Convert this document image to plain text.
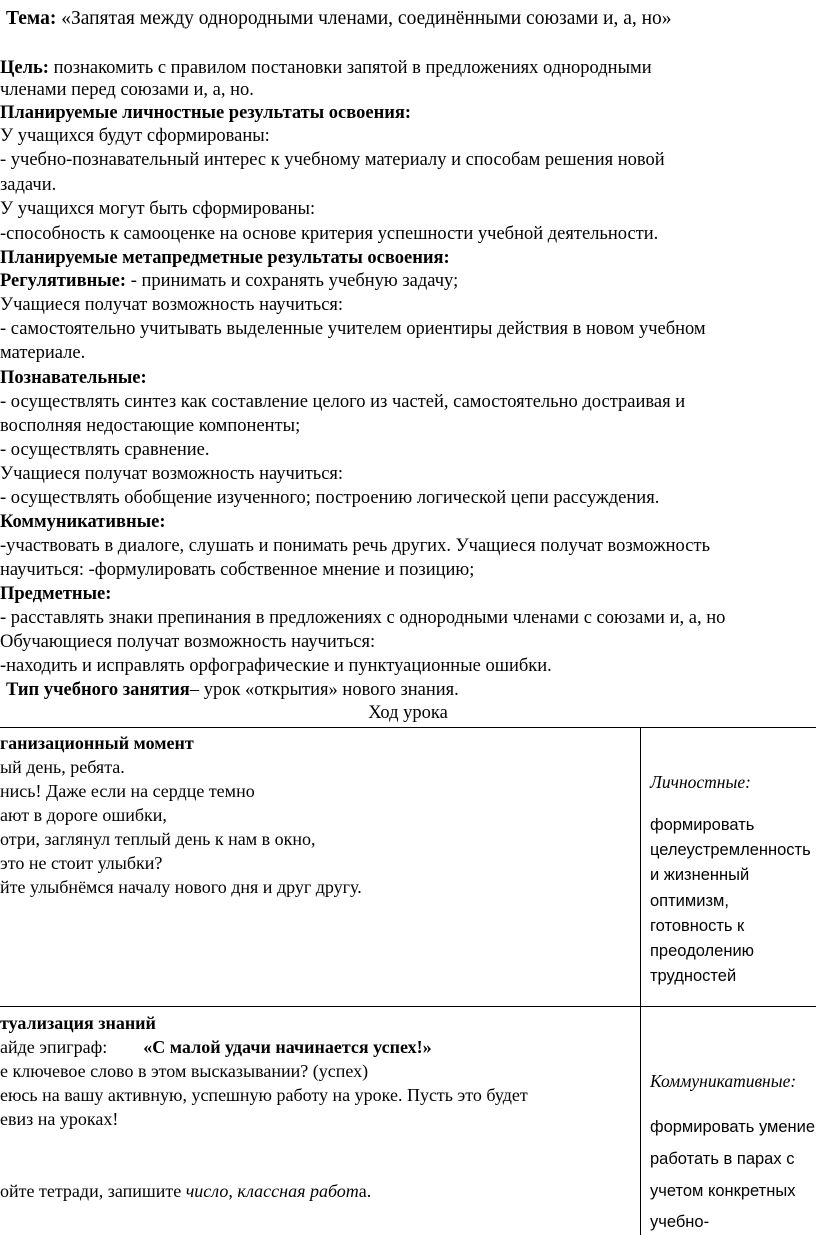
Тема: «Запятая между однородными членами, соединёнными союзами и, а, но»
Цель: познакомить с правилом постановки запятой в предложениях однородными
членами перед союзами и, а, но.
Планируемые личностные результаты освоения:
У учащихся будут сформированы:
- учебно-познавательный интерес к учебному материалу и способам решения новой
задачи.
У учащихся могут быть сформированы:
-способность к самооценке на основе критерия успешности учебной деятельности.
Планируемые метапредметные результаты освоения:
Регулятивные: - принимать и сохранять учебную задачу;
Учащиеся получат возможность научиться:
- самостоятельно учитывать выделенные учителем ориентиры действия в новом учебном
материале.
Познавательные:
- осуществлять синтез как составление целого из частей, самостоятельно достраивая и
восполняя недостающие компоненты;
- осуществлять сравнение.
Учащиеся получат возможность научиться:
- осуществлять обобщение изученного; построению логической цепи рассуждения.
Коммуникативные:
-участвовать в диалоге, слушать и понимать речь других. Учащиеся получат возможность
научиться: -формулировать собственное мнение и позицию;
Предметные:
- расставлять знаки препинания в предложениях с однородными членами с союзами и, а, но
Обучающиеся получат возможность научиться:
-находить и исправлять орфографические и пунктуационные ошибки.
Тип учебного занятия– урок «открытия» нового знания.
Ход урока
ганизационный момент
ый день, ребята.
нись! Даже если на сердце темно
ают в дороге ошибки,
отри, заглянул теплый день к нам в окно,
это не стоит улыбки?
йте улыбнёмся началу нового дня и друг другу.
Личностные:
формировать
целеустремленность
и жизненный
оптимизм,
готовность к
преодолению
трудностей
туализация знаний
айде эпиграф: «С малой удачи начинается успех!»
е ключевое слово в этом высказывании? (успех)
еюсь на вашу активную, успешную работу на уроке. Пусть это будет
евиз на уроках!
ойте тетради, запишите число, классная работа.
Коммуникативные:
формировать умение
работать в парах с
учетом конкретных
учебно-
